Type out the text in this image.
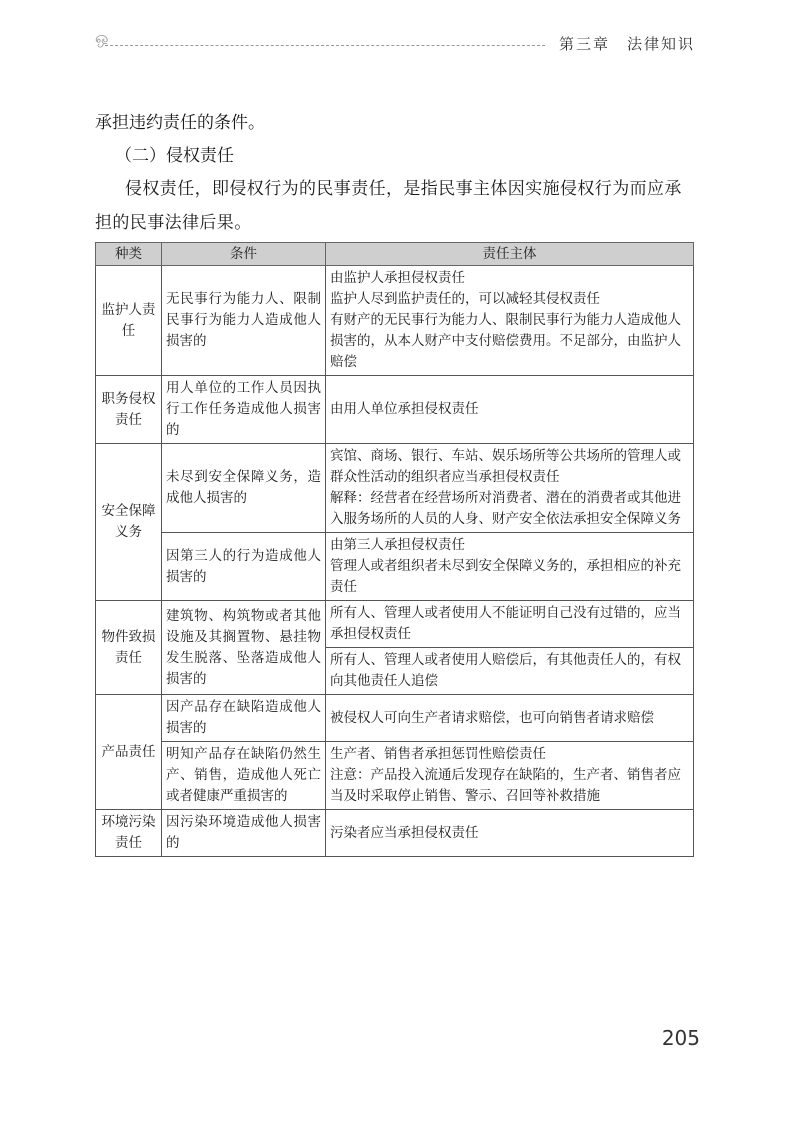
ஒ	第三章　法律知识
承担违约责任的条件。
（二）侵权责任
侵权责任，即侵权行为的民事责任，是指民事主体因实施侵权行为而应承担的民事法律后果。
种类	条件	责任主体
监护人责任	无民事行为能力人、限制民事行为能力人造成他人损害的	由监护人承担侵权责任
监护人尽到监护责任的，可以减轻其侵权责任
有财产的无民事行为能力人、限制民事行为能力人造成他人损害的，从本人财产中支付赔偿费用。不足部分，由监护人赔偿

职务侵权责任	用人单位的工作人员因执行工作任务造成他人损害的	由用人单位承担侵权责任

安全保障义务	未尽到安全保障义务，造成他人损害的	宾馆、商场、银行、车站、娱乐场所等公共场所的管理人或群众性活动的组织者应当承担侵权责任
解释：经营者在经营场所对消费者、潜在的消费者或其他进入服务场所的人员的人身、财产安全依法承担安全保障义务

	因第三人的行为造成他人损害的	由第三人承担侵权责任
管理人或者组织者未尽到安全保障义务的，承担相应的补充责任

物件致损责任	建筑物、构筑物或者其他设施及其搁置物、悬挂物发生脱落、坠落造成他人损害的	所有人、管理人或者使用人不能证明自己没有过错的，应当承担侵权责任

		所有人、管理人或者使用人赔偿后，有其他责任人的，有权向其他责任人追偿

产品责任	因产品存在缺陷造成他人损害的	被侵权人可向生产者请求赔偿，也可向销售者请求赔偿

	明知产品存在缺陷仍然生产、销售，造成他人死亡或者健康严重损害的	生产者、销售者承担惩罚性赔偿责任
注意：产品投入流通后发现存在缺陷的，生产者、销售者应当及时采取停止销售、警示、召回等补救措施

环境污染责任	因污染环境造成他人损害的	污染者应当承担侵权责任
205
